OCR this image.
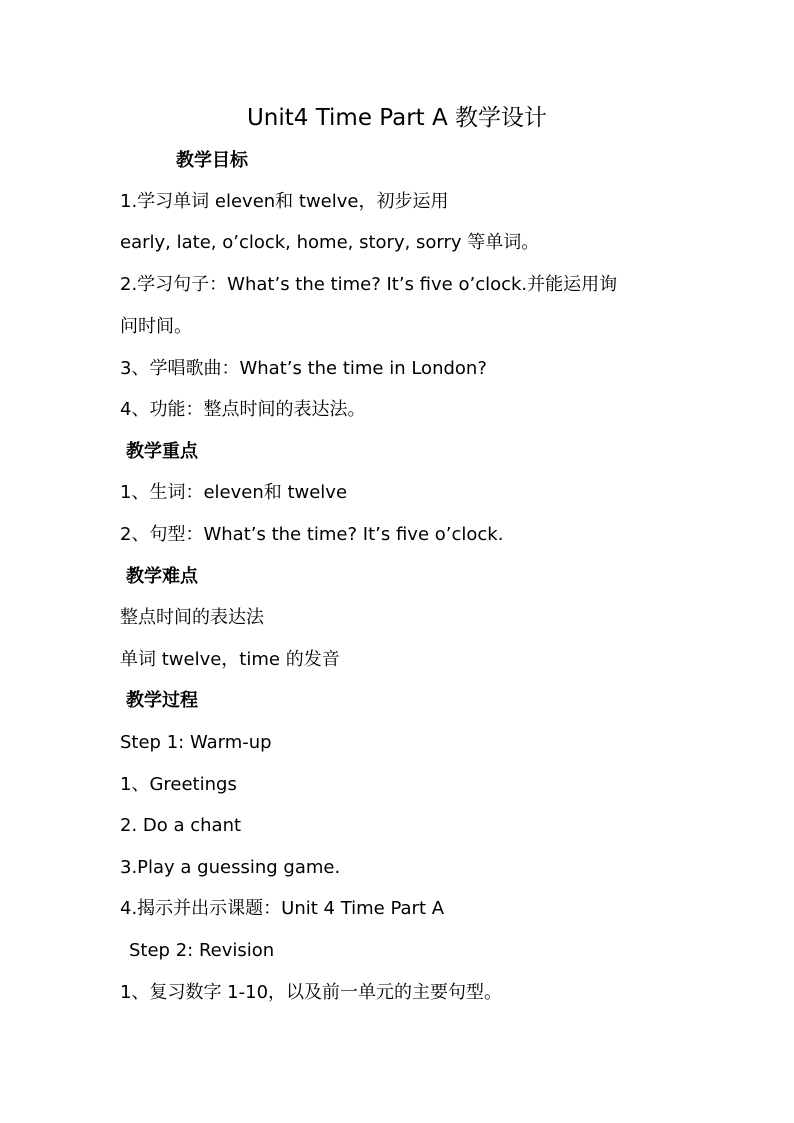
Unit4 Time Part A 教学设计
教学目标
1.学习单词 eleven和 twelve，初步运用
early, late, o’clock, home, story, sorry 等单词。
2.学习句子：What’s the time? It’s five o’clock.并能运用询
问时间。
3、学唱歌曲：What’s the time in London?
4、功能：整点时间的表达法。
教学重点
1、生词：eleven和 twelve
2、句型：What’s the time? It’s five o’clock.
教学难点
整点时间的表达法
单词 twelve，time 的发音
教学过程
Step 1: Warm-up
1、Greetings
2. Do a chant
3.Play a guessing game.
4.揭示并出示课题：Unit 4 Time Part A
Step 2: Revision
1、复习数字 1-10，以及前一单元的主要句型。
